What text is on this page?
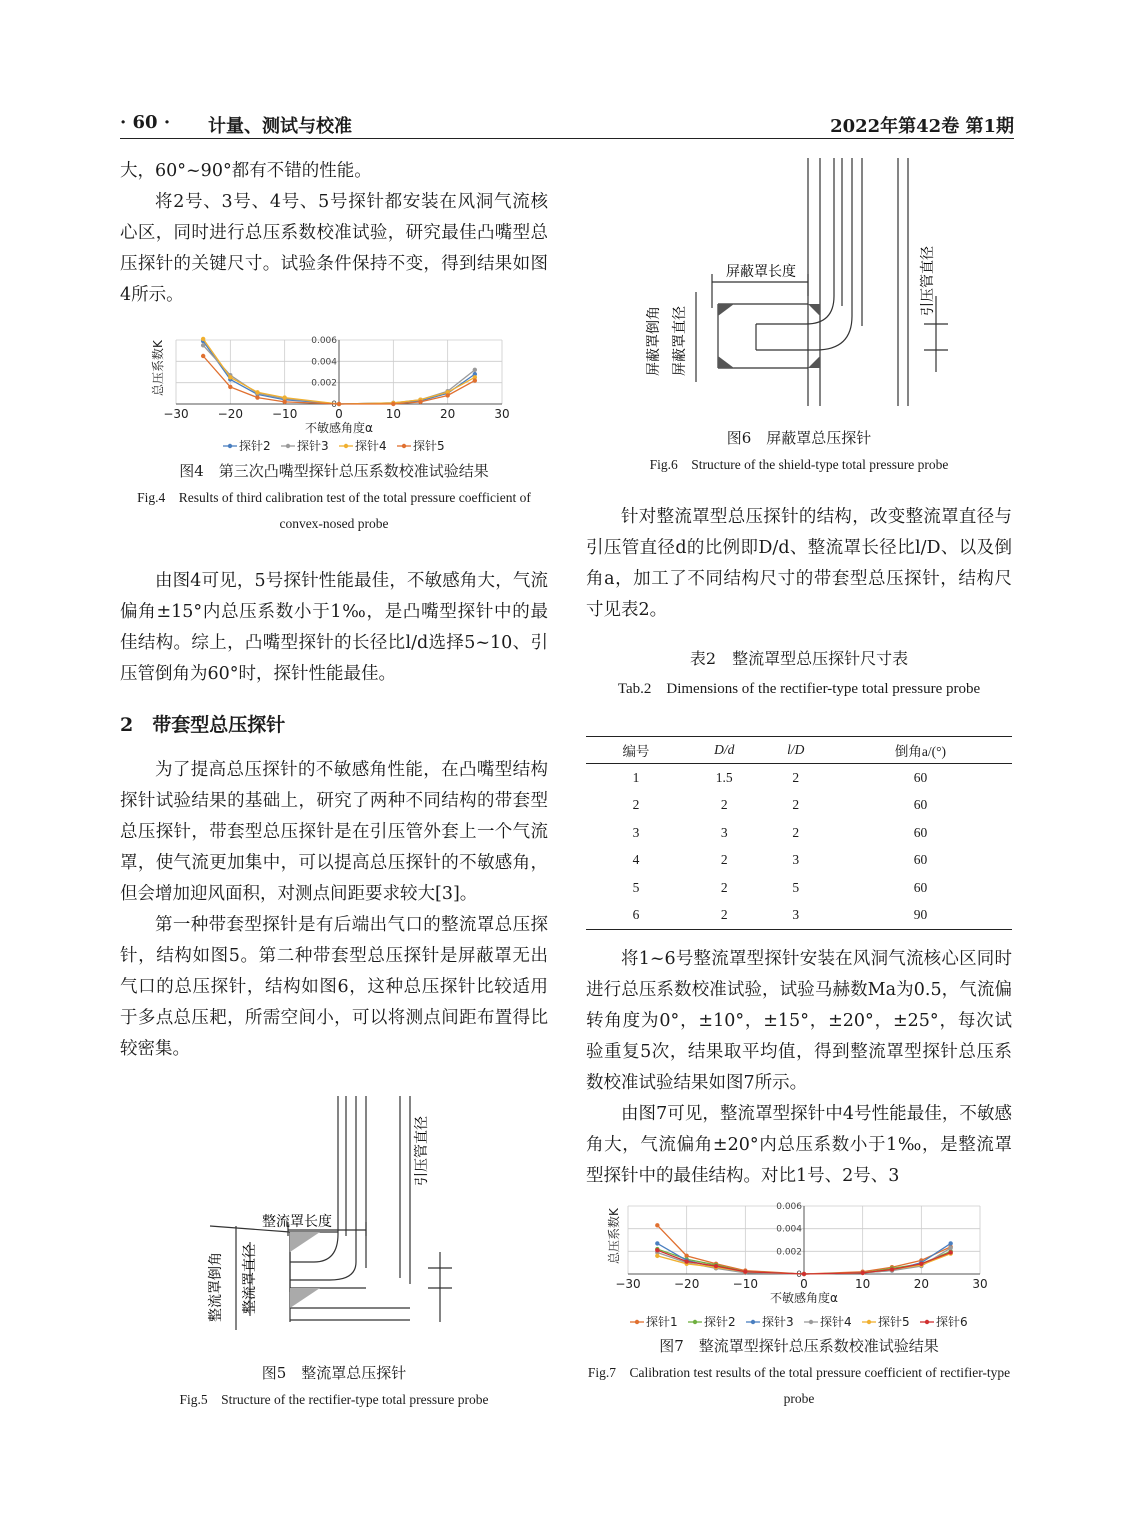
· 60 · 计量、测试与校准	2022年第42卷 第1期

大，60°~90°都有不错的性能。

将2号、3号、4号、5号探针都安装在风洞气流核心区，同时进行总压系数校准试验，研究最佳凸嘴型总压探针的关键尺寸。试验条件保持不变，得到结果如图4所示。

−30 −20 −10	0	10	20	30
0
0.002
0.004
0.006
总压系数K
不敏感角度α
探针2 探针3 探针4 探针5
图4　第三次凸嘴型探针总压系数校准试验结果
Fig.4　Results of third calibration test of the total pressure coefficient of convex-nosed probe

由图4可见，5号探针性能最佳，不敏感角大，气流偏角±15°内总压系数小于1‰，是凸嘴型探针中的最佳结构。综上，凸嘴型探针的长径比l/d选择5~10、引压管倒角为60°时，探针性能最佳。

2　带套型总压探针

为了提高总压探针的不敏感角性能，在凸嘴型结构探针试验结果的基础上，研究了两种不同结构的带套型总压探针，带套型总压探针是在引压管外套上一个气流罩，使气流更加集中，可以提高总压探针的不敏感角，但会增加迎风面积，对测点间距要求较大[3]。

第一种带套型探针是有后端出气口的整流罩总压探针，结构如图5。第二种带套型总压探针是屏蔽罩无出气口的总压探针，结构如图6，这种总压探针比较适用于多点总压耙，所需空间小，可以将测点间距布置得比较密集。

整流罩长度
引压管直径
整流罩倒角 整流罩直径
图5　整流罩总压探针
Fig.5　Structure of the rectifier-type total pressure probe
屏蔽罩长度	引压管直径
屏蔽罩倒角 屏蔽罩直径
图6　屏蔽罩总压探针
Fig.6　Structure of the shield-type total pressure probe

针对整流罩型总压探针的结构，改变整流罩直径与引压管直径d的比例即D/d、整流罩长径比l/D、以及倒角a，加工了不同结构尺寸的带套型总压探针，结构尺寸见表2。

表2　整流罩型总压探针尺寸表
Tab.2　Dimensions of the rectifier-type total pressure probe
编号	D/d	l/D	倒角a/(°)
1	1.5	2	60
2	2	2	60
3	3	2	60
4	2	3	60
5	2	5	60
6	2	3	90

将1~6号整流罩型探针安装在风洞气流核心区同时进行总压系数校准试验，试验马赫数Ma为0.5，气流偏转角度为0°，±10°，±15°，±20°，±25°，每次试验重复5次，结果取平均值，得到整流罩型探针总压系数校准试验结果如图7所示。

由图7可见，整流罩型探针中4号性能最佳，不敏感角大，气流偏角±20°内总压系数小于1‰，是整流罩型探针中的最佳结构。对比1号、2号、3

−30	−20	−10	0	10	20	30
0
0.002
0.004
0.006
总压系数K
不敏感角度α
探针1 探针2 探针3 探针4 探针5 探针6
图7　整流罩型探针总压系数校准试验结果
Fig.7　Calibration test results of the total pressure coefficient of rectifier-type probe
